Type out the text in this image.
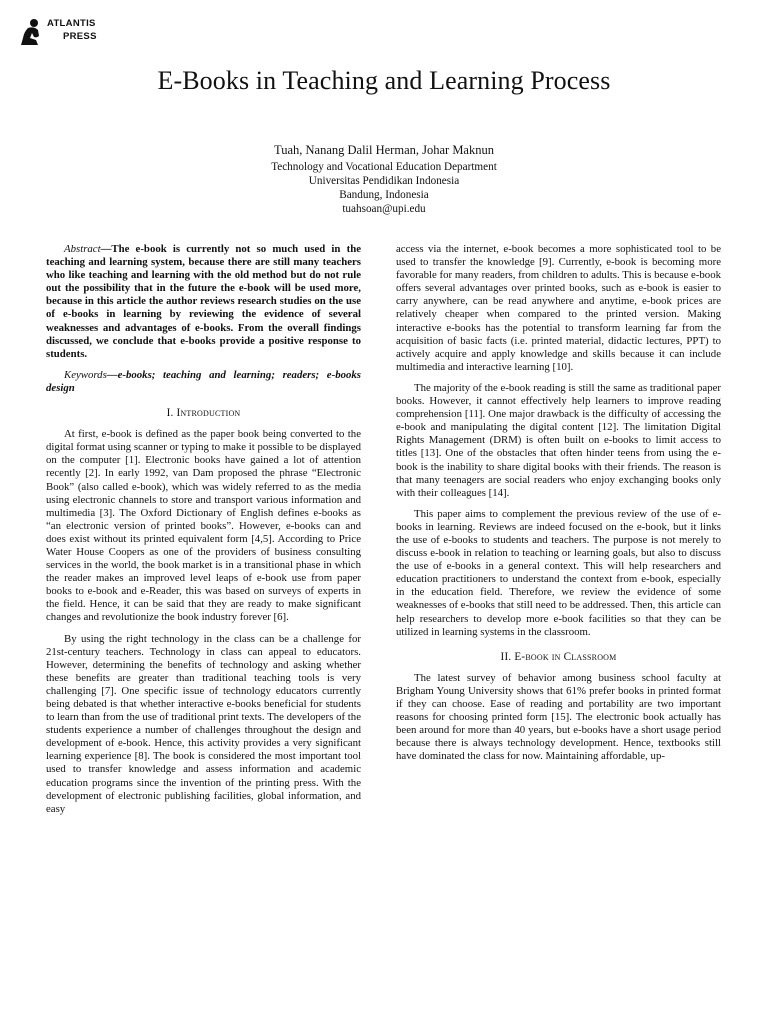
ATLANTIS
PRESS
E-Books in Teaching and Learning Process
Tuah, Nanang Dalil Herman, Johar Maknun
Technology and Vocational Education Department
Universitas Pendidikan Indonesia
Bandung, Indonesia
tuahsoan@upi.edu

Abstract—The e-book is currently not so much used in the teaching and learning system, because there are still many teachers who like teaching and learning with the old method but do not rule out the possibility that in the future the e-book will be used more, because in this article the author reviews research studies on the use of e-books in learning by reviewing the evidence of several weaknesses and advantages of e-books. From the overall findings discussed, we conclude that e-books provide a positive response to students.

Keywords—e-books; teaching and learning; readers; e-books design

I. Introduction

At first, e-book is defined as the paper book being converted to the digital format using scanner or typing to make it possible to be displayed on the computer [1]. Electronic books have gained a lot of attention recently [2]. In early 1992, van Dam proposed the phrase “Electronic Book” (also called e-book), which was widely referred to as the media using electronic channels to store and transport various information and multimedia [3]. The Oxford Dictionary of English defines e-books as “an electronic version of printed books”. However, e-books can and does exist without its printed equivalent form [4,5]. According to Price Water House Coopers as one of the providers of business consulting services in the world, the book market is in a transitional phase in which the reader makes an improved level leaps of e-book use from paper books to e-book and e-Reader, this was based on surveys of experts in the field. Hence, it can be said that they are ready to make significant changes and revolutionize the book industry forever [6].

By using the right technology in the class can be a challenge for 21st-century teachers. Technology in class can appeal to educators. However, determining the benefits of technology and asking whether these benefits are greater than traditional teaching tools is very challenging [7]. One specific issue of technology educators currently being debated is that whether interactive e-books beneficial for students to learn than from the use of traditional print texts. The developers of the students experience a number of challenges throughout the design and development of e-book. Hence, this activity provides a very significant learning experience [8]. The book is considered the most important tool used to transfer knowledge and assess information and academic education programs since the invention of the printing press. With the development of electronic publishing facilities, global information, and easy

access via the internet, e-book becomes a more sophisticated tool to be used to transfer the knowledge [9]. Currently, e-book is becoming more favorable for many readers, from children to adults. This is because e-book offers several advantages over printed books, such as e-book is easier to carry anywhere, can be read anywhere and anytime, e-book prices are relatively cheaper when compared to the printed version. Making interactive e-books has the potential to transform learning far from the acquisition of basic facts (i.e. printed material, didactic lectures, PPT) to actively acquire and apply knowledge and skills because it can include multimedia and interactive learning [10].

The majority of the e-book reading is still the same as traditional paper books. However, it cannot effectively help learners to improve reading comprehension [11]. One major drawback is the difficulty of accessing the e-book and manipulating the digital content [12]. The limitation Digital Rights Management (DRM) is often built on e-books to limit access to titles [13]. One of the obstacles that often hinder teens from using the e-book is the inability to share digital books with their friends. The reason is that many teenagers are social readers who enjoy exchanging books only with their colleagues [14].

This paper aims to complement the previous review of the use of e-books in learning. Reviews are indeed focused on the e-book, but it links the use of e-books to students and teachers. The purpose is not merely to discuss e-book in relation to teaching or learning goals, but also to discuss the use of e-books in a general context. This will help researchers and education practitioners to understand the context from e-book, especially in the education field. Therefore, we review the evidence of some weaknesses of e-books that still need to be addressed. Then, this article can help researchers to develop more e-book facilities so that they can be utilized in learning systems in the classroom.

II. E-book in Classroom

The latest survey of behavior among business school faculty at Brigham Young University shows that 61% prefer books in printed format if they can choose. Ease of reading and portability are two important reasons for choosing printed form [15]. The electronic book actually has been around for more than 40 years, but e-books have a short usage period because there is always technology development. Hence, textbooks still have dominated the class for now. Maintaining affordable, up-
